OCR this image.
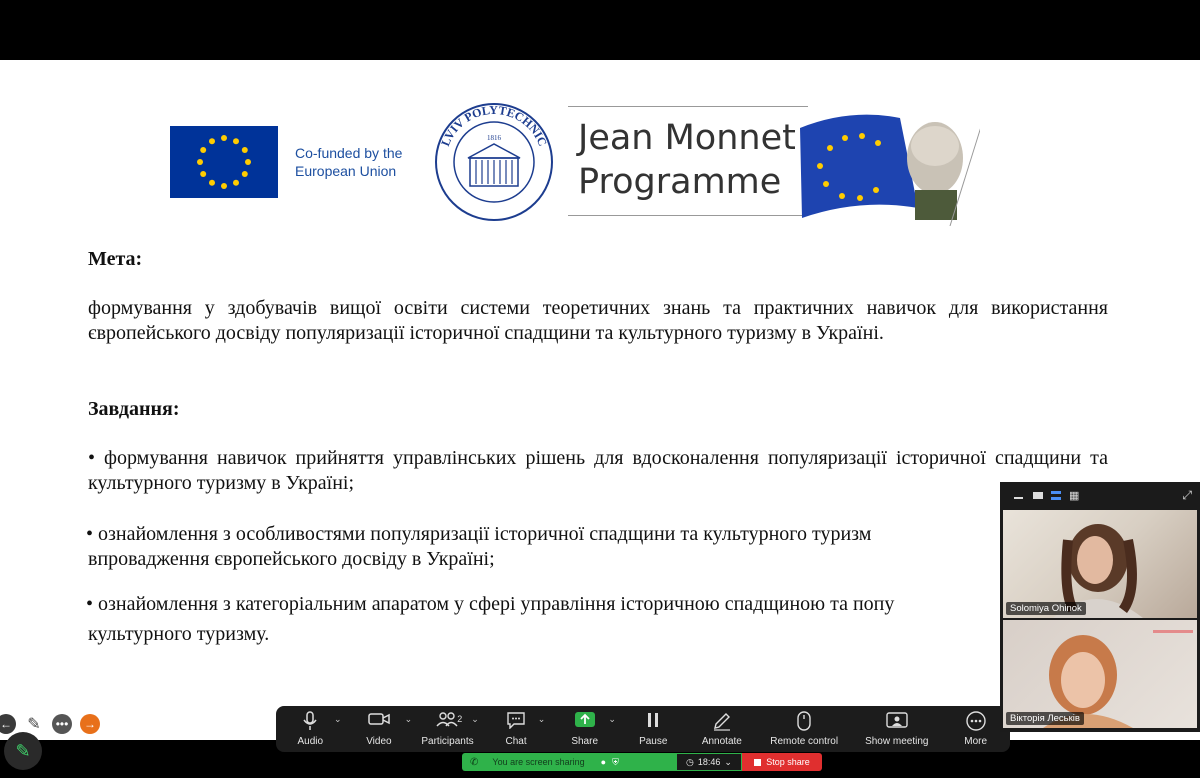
Co-funded by the
European Union
LVIV POLYTECHNIC
1816 Jean Monnet
Programme
Мета:
формування у здобувачів вищої освіти системи теоретичних знань та практичних навичок для використання європейського досвіду популяризації історичної спадщини та культурного туризму в Україні.
Завдання:
• формування навичок прийняття управлінських рішень для вдосконалення популяризації історичної спадщини та культурного туризму в Україні;
• ознайомлення з особливостями популяризації історичної спадщини та культурного туризм
впровадження європейського досвіду в Україні;
• ознайомлення з категоріальним апаратом у сфері управління історичною спадщиною та попу
культурного туризму.
← ✎	•••	→
✎
⌄
Audio
⌄
Video
2 ⌄
Participants
⌄
Chat
⌄
Share	Pause	Annotate	Remote control	Show meeting	More
✆ You are screen sharing ● ⛨	◷ 18:46 ⌄	Stop share
▦	⤢
Solomiya Ohinok
Вікторія Леськів
